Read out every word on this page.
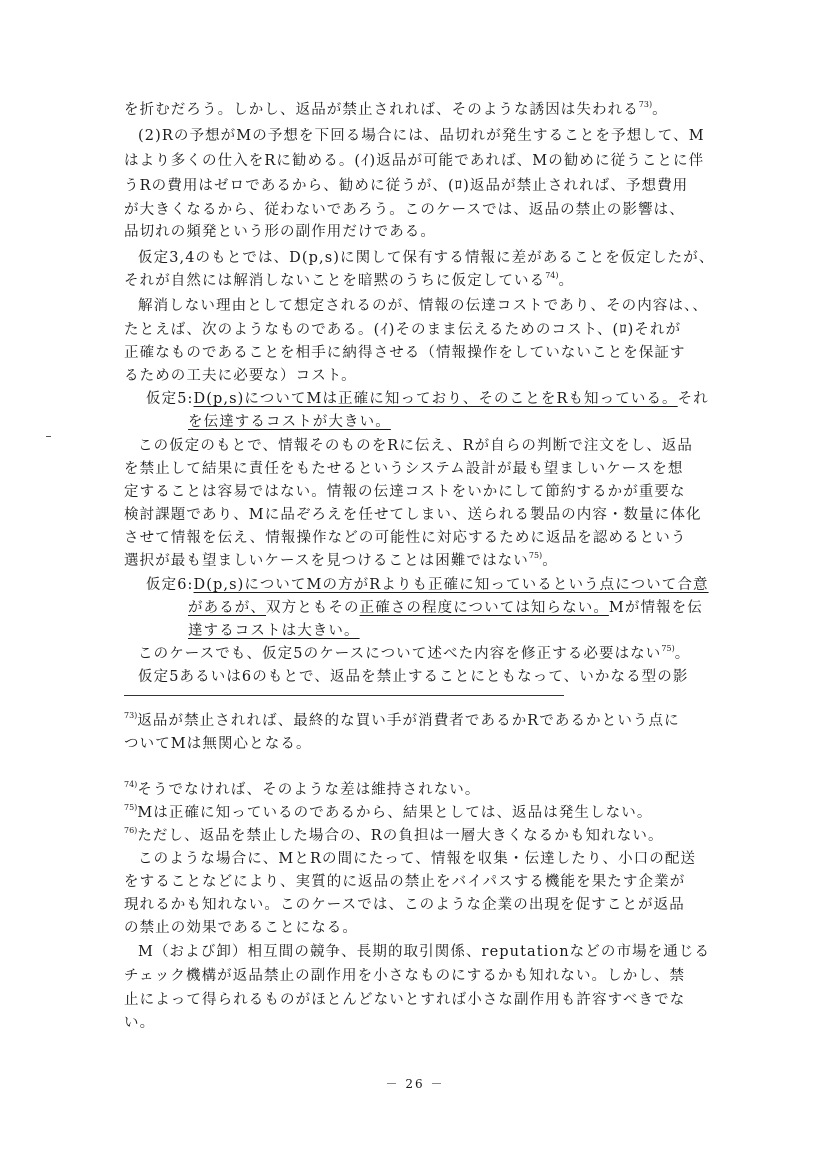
を折むだろう。しかし、返品が禁止されれば、そのような誘因は失われる$^{73)}$。
(2)Rの予想がMの予想を下回る場合には、品切れが発生することを予想して、M
はより多くの仕入をRに勧める。(ｲ)返品が可能であれば、Mの勧めに従うことに伴
うRの費用はゼロであるから、勧めに従うが、(ﾛ)返品が禁止されれば、予想費用
が大きくなるから、従わないであろう。このケースでは、返品の禁止の影響は、
品切れの頻発という形の副作用だけである。
仮定3,4のもとでは、D(p,s)に関して保有する情報に差があることを仮定したが、
それが自然には解消しないことを暗黙のうちに仮定している$^{74)}$。
解消しない理由として想定されるのが、情報の伝達コストであり、その内容は、、
たとえば、次のようなものである。(ｲ)そのまま伝えるためのコスト、(ﾛ)それが
正確なものであることを相手に納得させる（情報操作をしていないことを保証す
るための工夫に必要な）コスト。
仮定5:D(p,s)についてMは正確に知っており、そのことをRも知っている。それ
を伝達するコストが大きい。
この仮定のもとで、情報そのものをRに伝え、Rが自らの判断で注文をし、返品
を禁止して結果に責任をもたせるというシステム設計が最も望ましいケースを想
定することは容易ではない。情報の伝達コストをいかにして節約するかが重要な
検討課題であり、Mに品ぞろえを任せてしまい、送られる製品の内容・数量に体化
させて情報を伝え、情報操作などの可能性に対応するために返品を認めるという
選択が最も望ましいケースを見つけることは困難ではない$^{75)}$。
仮定6:D(p,s)についてMの方がRよりも正確に知っているという点について合意
があるが、双方ともその正確さの程度については知らない。Mが情報を伝
達するコストは大きい。
このケースでも、仮定5のケースについて述べた内容を修正する必要はない$^{75)}$。
仮定5あるいは6のもとで、返品を禁止することにともなって、いかなる型の影
$^{73)}$返品が禁止されれば、最終的な買い手が消費者であるかRであるかという点に
ついてMは無関心となる。
$^{74)}$そうでなければ、そのような差は維持されない。
$^{75)}$Mは正確に知っているのであるから、結果としては、返品は発生しない。
$^{76)}$ただし、返品を禁止した場合の、Rの負担は一層大きくなるかも知れない。
このような場合に、MとRの間にたって、情報を収集・伝達したり、小口の配送
をすることなどにより、実質的に返品の禁止をバイパスする機能を果たす企業が
現れるかも知れない。このケースでは、このような企業の出現を促すことが返品
の禁止の効果であることになる。
M（および卸）相互間の競争、長期的取引関係、reputationなどの市場を通じる
チェック機構が返品禁止の副作用を小さなものにするかも知れない。しかし、禁
止によって得られるものがほとんどないとすれば小さな副作用も許容すべきでな
い。
－ 26 －
